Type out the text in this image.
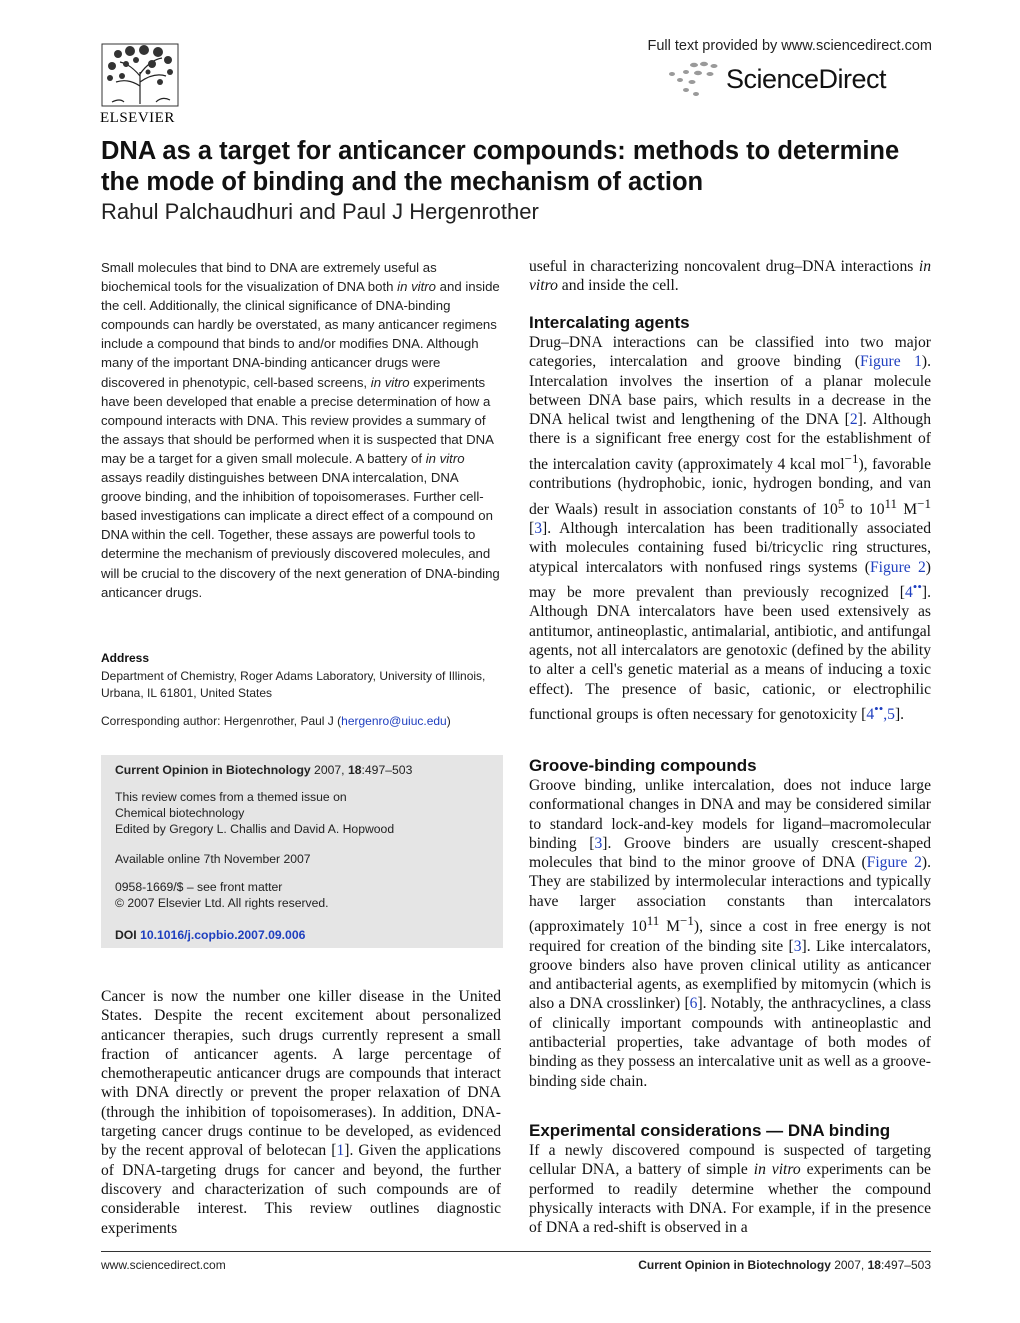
ELSEVIER
Full text provided by www.sciencedirect.com
ScienceDirect
DNA as a target for anticancer compounds: methods to determine the mode of binding and the mechanism of action
Rahul Palchaudhuri and Paul J Hergenrother

Small molecules that bind to DNA are extremely useful as biochemical tools for the visualization of DNA both in vitro and inside the cell. Additionally, the clinical significance of DNA-binding compounds can hardly be overstated, as many anticancer regimens include a compound that binds to and/or modifies DNA. Although many of the important DNA-binding anticancer drugs were discovered in phenotypic, cell-based screens, in vitro experiments have been developed that enable a precise determination of how a compound interacts with DNA. This review provides a summary of the assays that should be performed when it is suspected that DNA may be a target for a given small molecule. A battery of in vitro assays readily distinguishes between DNA intercalation, DNA groove binding, and the inhibition of topoisomerases. Further cell-based investigations can implicate a direct effect of a compound on DNA within the cell. Together, these assays are powerful tools to determine the mechanism of previously discovered molecules, and will be crucial to the discovery of the next generation of DNA-binding anticancer drugs.

Address
Department of Chemistry, Roger Adams Laboratory, University of Illinois, Urbana, IL 61801, United States
Corresponding author: Hergenrother, Paul J (hergenro@uiuc.edu)
Current Opinion in Biotechnology 2007, 18:497–503
This review comes from a themed issue on
Chemical biotechnology
Edited by Gregory L. Challis and David A. Hopwood
Available online 7th November 2007
0958-1669/$ – see front matter
© 2007 Elsevier Ltd. All rights reserved.
DOI 10.1016/j.copbio.2007.09.006

Cancer is now the number one killer disease in the United States. Despite the recent excitement about personalized anticancer therapies, such drugs currently represent a small fraction of anticancer agents. A large percentage of chemotherapeutic anticancer drugs are compounds that interact with DNA directly or prevent the proper relaxation of DNA (through the inhibition of topoisomerases). In addition, DNA-targeting cancer drugs continue to be developed, as evidenced by the recent approval of belotecan [1]. Given the applications of DNA-targeting drugs for cancer and beyond, the further discovery and characterization of such compounds are of considerable interest. This review outlines diagnostic experiments

useful in characterizing noncovalent drug–DNA interactions in vitro and inside the cell.

Intercalating agents

Drug–DNA interactions can be classified into two major categories, intercalation and groove binding (Figure 1). Intercalation involves the insertion of a planar molecule between DNA base pairs, which results in a decrease in the DNA helical twist and lengthening of the DNA [2]. Although there is a significant free energy cost for the establishment of the intercalation cavity (approximately 4 kcal mol$^{-1}$), favorable contributions (hydrophobic, ionic, hydrogen bonding, and van der Waals) result in association constants of $10^5$ to $10^{11}$ $M^{-1}$ [3]. Although intercalation has been traditionally associated with molecules containing fused bi/tricyclic ring structures, atypical intercalators with nonfused rings systems (Figure 2) may be more prevalent than previously recognized [4••]. Although DNA intercalators have been used extensively as antitumor, antineoplastic, antimalarial, antibiotic, and antifungal agents, not all intercalators are genotoxic (defined by the ability to alter a cell's genetic material as a means of inducing a toxic effect). The presence of basic, cationic, or electrophilic functional groups is often necessary for genotoxicity [4••,5].

Groove-binding compounds

Groove binding, unlike intercalation, does not induce large conformational changes in DNA and may be considered similar to standard lock-and-key models for ligand–macromolecular binding [3]. Groove binders are usually crescent-shaped molecules that bind to the minor groove of DNA (Figure 2). They are stabilized by intermolecular interactions and typically have larger association constants than intercalators (approximately $10^{11}$ $M^{-1}$), since a cost in free energy is not required for creation of the binding site [3]. Like intercalators, groove binders also have proven clinical utility as anticancer and antibacterial agents, as exemplified by mitomycin (which is also a DNA crosslinker) [6]. Notably, the anthracyclines, a class of clinically important compounds with antineoplastic and antibacterial properties, take advantage of both modes of binding as they possess an intercalative unit as well as a groove-binding side chain.

Experimental considerations — DNA binding

If a newly discovered compound is suspected of targeting cellular DNA, a battery of simple in vitro experiments can be performed to readily determine whether the compound physically interacts with DNA. For example, if in the presence of DNA a red-shift is observed in a

www.sciencedirect.com	Current Opinion in Biotechnology 2007, 18:497–503
